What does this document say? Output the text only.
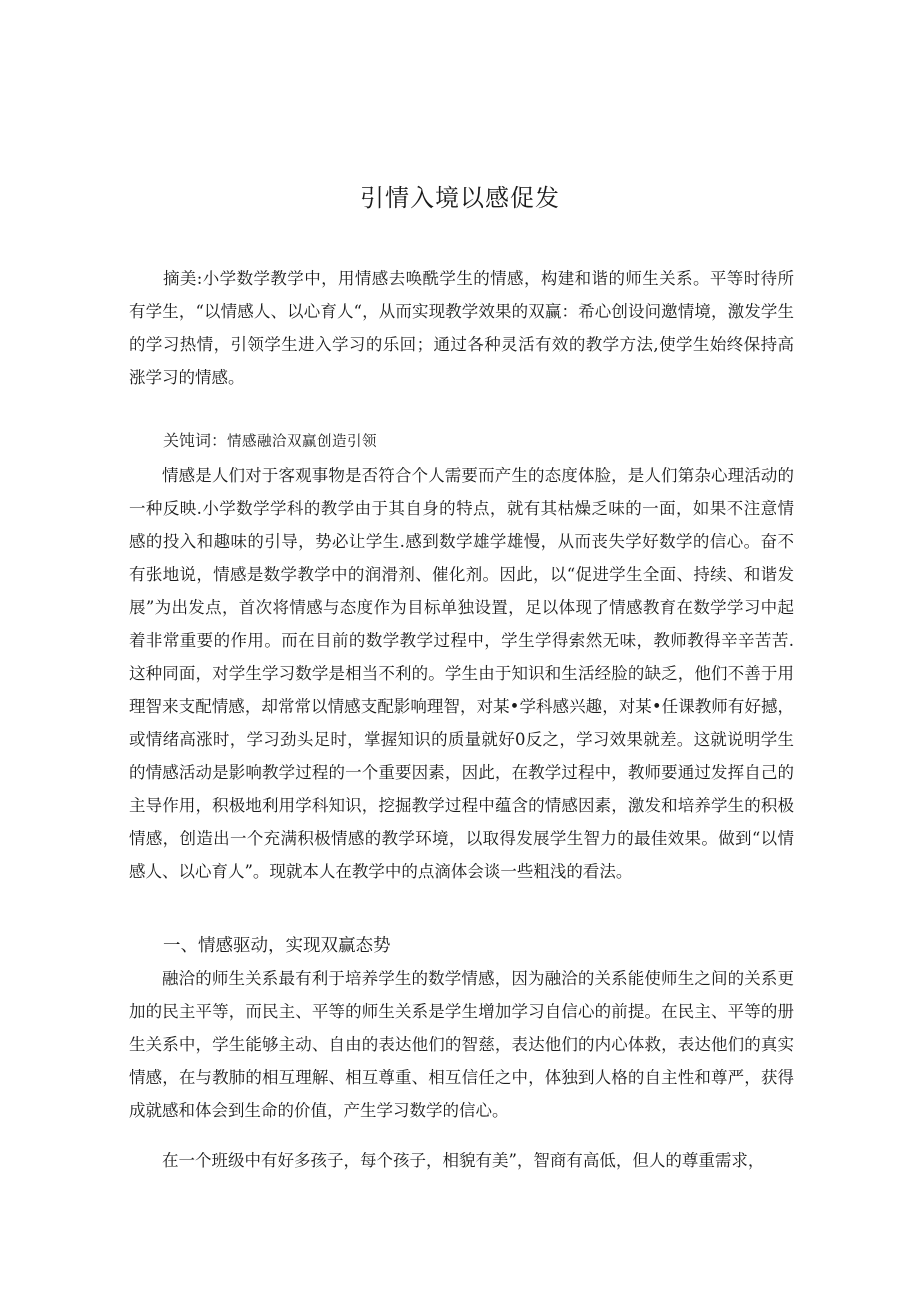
引情入境以感促发

摘美:小学数学教学中，用情感去唤酰学生的情感，构建和谐的师生关系。平等时待所有学生，“以情感人、以心育人“，从而实现教学效果的双赢：希心创设问邀情境，激发学生的学习热情，引领学生进入学习的乐回；通过各种灵活有效的教学方法,使学生始终保持高涨学习的情感。

关饨词：情感融洽双赢创造引领

情感是人们对于客观事物是否符合个人需要而产生的态度体脸，是人们第杂心理活动的一种反映.小学数学学科的教学由于其自身的特点，就有其枯燥乏味的一面，如果不注意情感的投入和趣味的引导，势必让学生.感到数学雄学雄慢，从而丧失学好数学的信心。奋不有张地说，情感是数学教学中的润滑剂、催化剂。因此，以“促进学生全面、持续、和谐发展”为出发点，首次将情感与态度作为目标单独设置，足以体现了情感教育在数学学习中起着非常重要的作用。而在目前的数学教学过程中，学生学得索然无味，教师教得辛辛苦苦.这种同面，对学生学习数学是相当不利的。学生由于知识和生活经脸的缺乏，他们不善于用理智来支配情感，却常常以情感支配影响理智，对某•学科感兴趣，对某•任课教师有好撼，或情绪高涨时，学习劲头足时，掌握知识的质量就好0反之，学习效果就差。这就说明学生的情感活动是影响教学过程的一个重要因素，因此，在教学过程中，教师要通过发挥自己的主导作用，积极地利用学科知识，挖掘教学过程中蕴含的情感因素，激发和培养学生的积极情感，创造出一个充满积极情感的教学环境，以取得发展学生智力的最佳效果。做到“以情感人、以心育人”。现就本人在教学中的点滴体会谈一些粗浅的看法。

一、情感驱动，实现双赢态势

融洽的师生关系最有利于培养学生的数学情感，因为融洽的关系能使师生之间的关系更加的民主平等，而民主、平等的师生关系是学生增加学习自信心的前提。在民主、平等的册生关系中，学生能够主动、自由的表达他们的智慈，表达他们的内心体救，表达他们的真实情感，在与教肺的相互理解、相互尊重、相互信任之中，体独到人格的自主性和尊严，获得成就感和体会到生命的价值，产生学习数学的信心。

在一个班级中有好多孩子，每个孩子，相貌有美”，智商有高低，但人的尊重需求，
